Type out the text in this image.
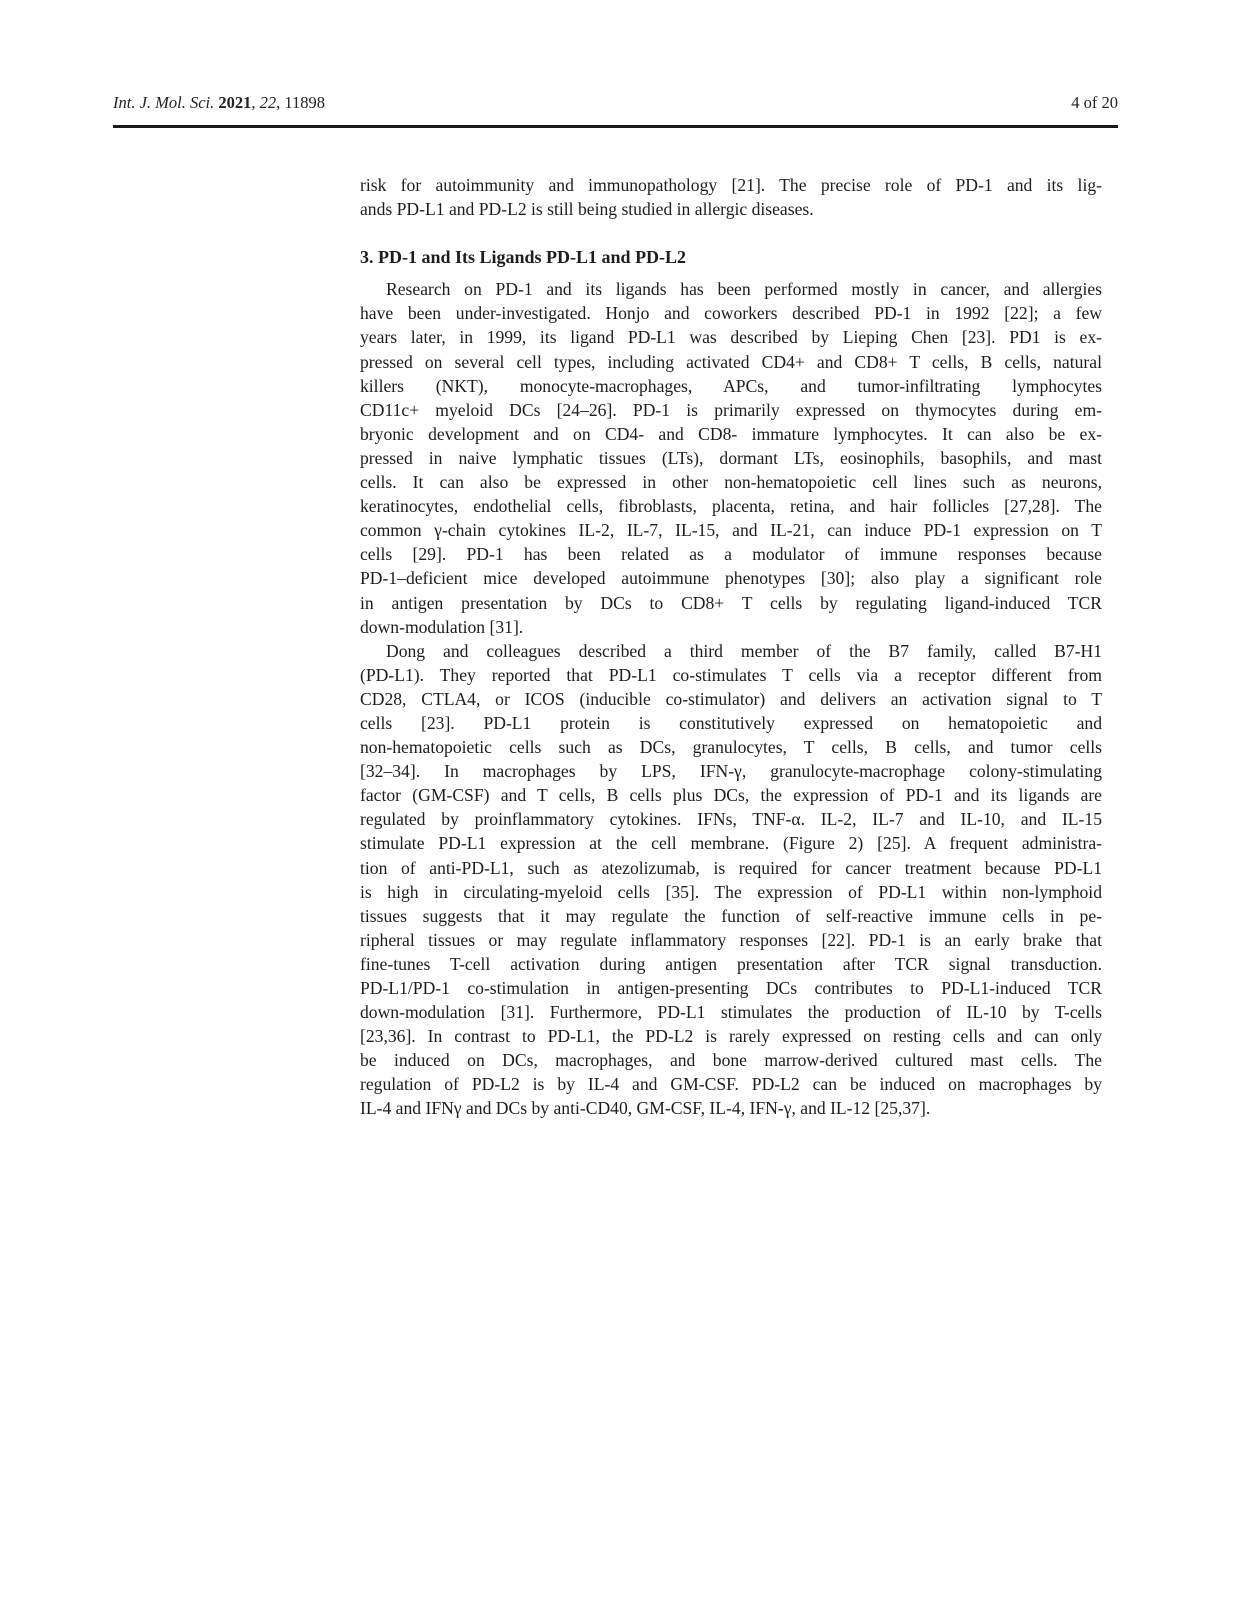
Int. J. Mol. Sci. 2021, 22, 11898	4 of 20
risk for autoimmunity and immunopathology [21]. The precise role of PD-1 and its lig-
ands PD-L1 and PD-L2 is still being studied in allergic diseases.
3. PD-1 and Its Ligands PD-L1 and PD-L2
Research on PD-1 and its ligands has been performed mostly in cancer, and allergies
have been under-investigated. Honjo and coworkers described PD-1 in 1992 [22]; a few
years later, in 1999, its ligand PD-L1 was described by Lieping Chen [23]. PD1 is ex-
pressed on several cell types, including activated CD4+ and CD8+ T cells, B cells, natural
killers (NKT), monocyte-macrophages, APCs, and tumor-infiltrating lymphocytes
CD11c+ myeloid DCs [24–26]. PD-1 is primarily expressed on thymocytes during em-
bryonic development and on CD4- and CD8- immature lymphocytes. It can also be ex-
pressed in naive lymphatic tissues (LTs), dormant LTs, eosinophils, basophils, and mast
cells. It can also be expressed in other non-hematopoietic cell lines such as neurons,
keratinocytes, endothelial cells, fibroblasts, placenta, retina, and hair follicles [27,28]. The
common γ-chain cytokines IL-2, IL-7, IL-15, and IL-21, can induce PD-1 expression on T
cells [29]. PD-1 has been related as a modulator of immune responses because
PD-1–deficient mice developed autoimmune phenotypes [30]; also play a significant role
in antigen presentation by DCs to CD8+ T cells by regulating ligand-induced TCR
down-modulation [31].
Dong and colleagues described a third member of the B7 family, called B7-H1
(PD-L1). They reported that PD-L1 co-stimulates T cells via a receptor different from
CD28, CTLA4, or ICOS (inducible co-stimulator) and delivers an activation signal to T
cells [23]. PD-L1 protein is constitutively expressed on hematopoietic and
non-hematopoietic cells such as DCs, granulocytes, T cells, B cells, and tumor cells
[32–34]. In macrophages by LPS, IFN-γ, granulocyte-macrophage colony-stimulating
factor (GM-CSF) and T cells, B cells plus DCs, the expression of PD-1 and its ligands are
regulated by proinflammatory cytokines. IFNs, TNF-α. IL-2, IL-7 and IL-10, and IL-15
stimulate PD-L1 expression at the cell membrane. (Figure 2) [25]. A frequent administra-
tion of anti-PD-L1, such as atezolizumab, is required for cancer treatment because PD-L1
is high in circulating-myeloid cells [35]. The expression of PD-L1 within non-lymphoid
tissues suggests that it may regulate the function of self-reactive immune cells in pe-
ripheral tissues or may regulate inflammatory responses [22]. PD-1 is an early brake that
fine-tunes T-cell activation during antigen presentation after TCR signal transduction.
PD-L1/PD-1 co-stimulation in antigen-presenting DCs contributes to PD-L1-induced TCR
down-modulation [31]. Furthermore, PD-L1 stimulates the production of IL-10 by T-cells
[23,36]. In contrast to PD-L1, the PD-L2 is rarely expressed on resting cells and can only
be induced on DCs, macrophages, and bone marrow-derived cultured mast cells. The
regulation of PD-L2 is by IL-4 and GM-CSF. PD-L2 can be induced on macrophages by
IL-4 and IFNγ and DCs by anti-CD40, GM-CSF, IL-4, IFN-γ, and IL-12 [25,37].
